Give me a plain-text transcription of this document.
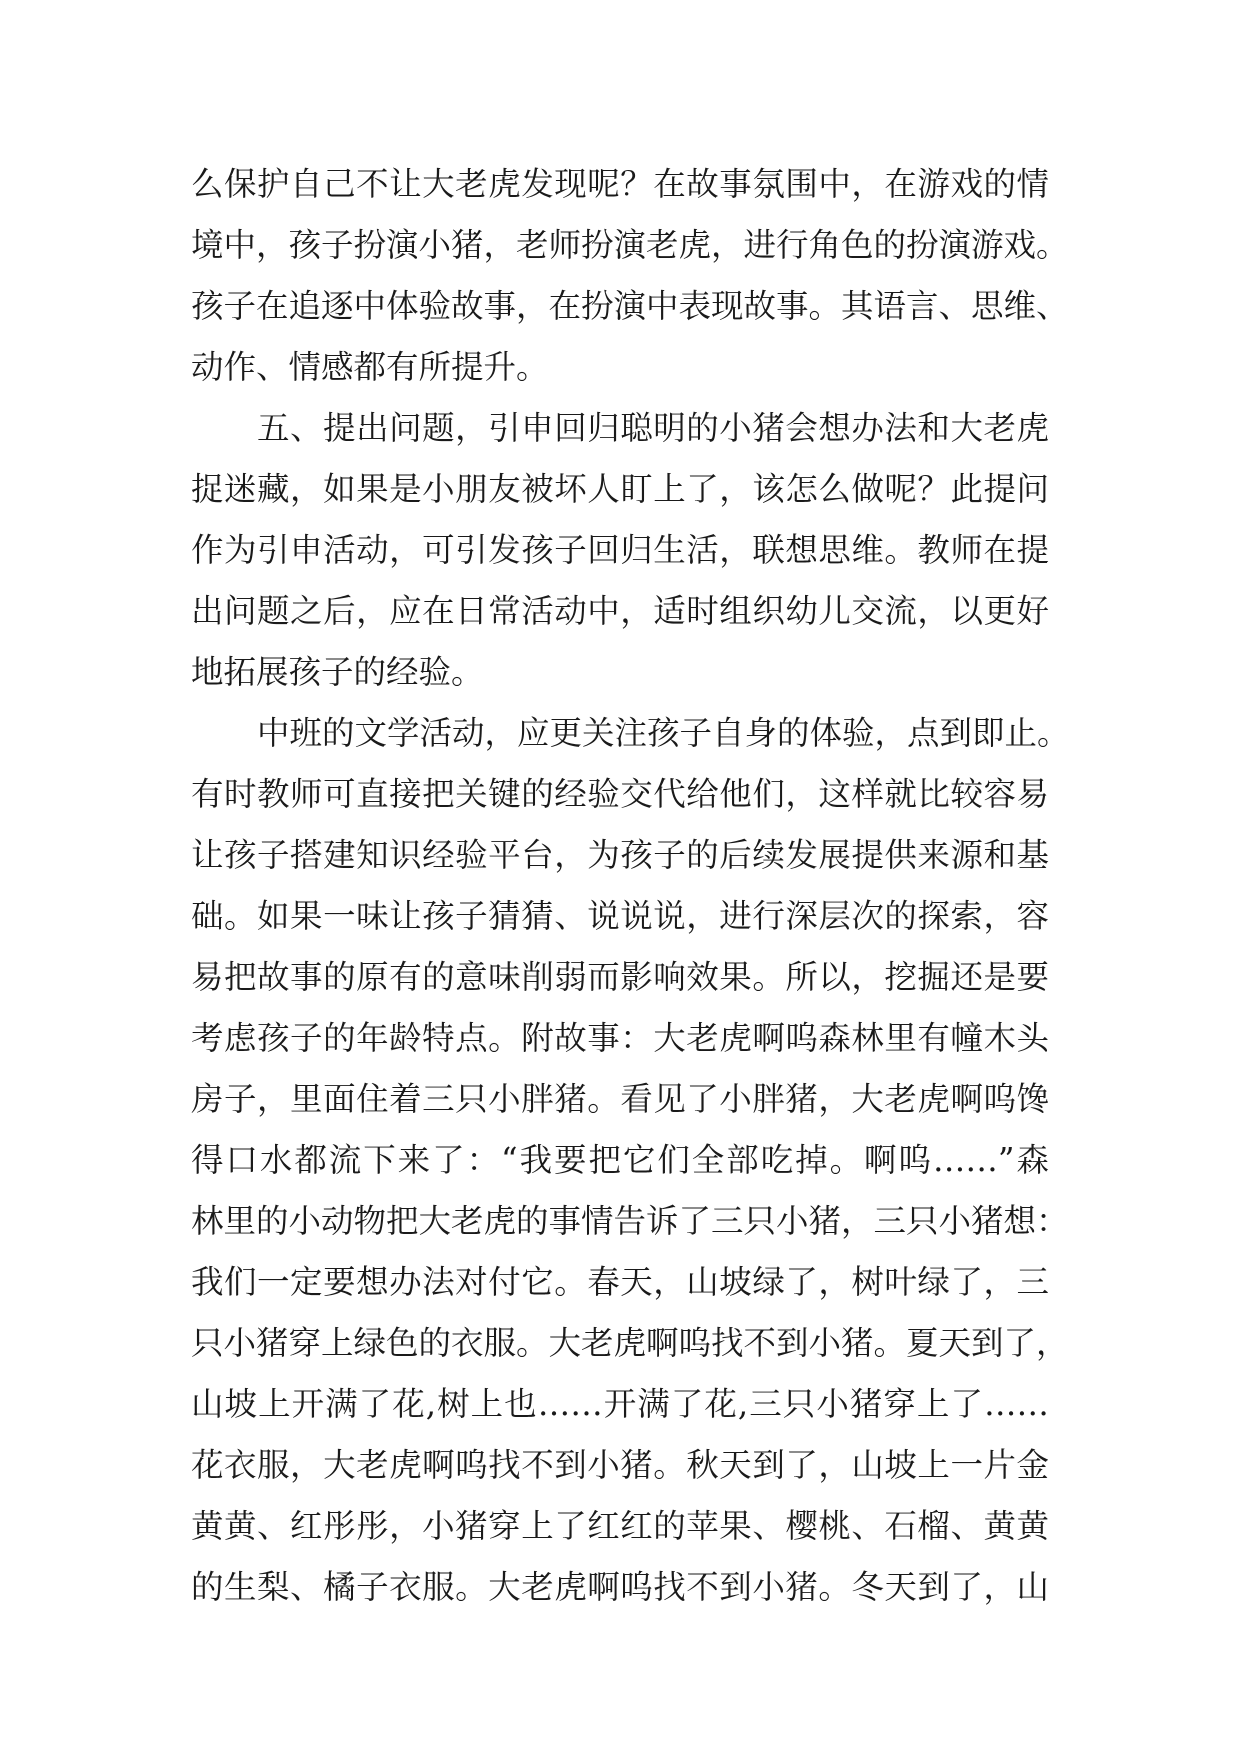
么保护自己不让大老虎发现呢？在故事氛围中，在游戏的情
境中，孩子扮演小猪，老师扮演老虎，进行角色的扮演游戏。
孩子在追逐中体验故事，在扮演中表现故事。其语言、思维、
动作、情感都有所提升。
五、提出问题，引申回归聪明的小猪会想办法和大老虎
捉迷藏，如果是小朋友被坏人盯上了，该怎么做呢？此提问
作为引申活动，可引发孩子回归生活，联想思维。教师在提
出问题之后，应在日常活动中，适时组织幼儿交流，以更好
地拓展孩子的经验。
中班的文学活动，应更关注孩子自身的体验，点到即止。
有时教师可直接把关键的经验交代给他们，这样就比较容易
让孩子搭建知识经验平台，为孩子的后续发展提供来源和基
础。如果一味让孩子猜猜、说说说，进行深层次的探索，容
易把故事的原有的意味削弱而影响效果。所以，挖掘还是要
考虑孩子的年龄特点。附故事：大老虎啊呜森林里有幢木头
房子，里面住着三只小胖猪。看见了小胖猪，大老虎啊呜馋
得口水都流下来了：“我要把它们全部吃掉。啊呜……”森
林里的小动物把大老虎的事情告诉了三只小猪，三只小猪想：
我们一定要想办法对付它。春天，山坡绿了，树叶绿了，三
只小猪穿上绿色的衣服。大老虎啊呜找不到小猪。夏天到了，
山坡上开满了花,树上也……开满了花,三只小猪穿上了……
花衣服，大老虎啊呜找不到小猪。秋天到了，山坡上一片金
黄黄、红彤彤，小猪穿上了红红的苹果、樱桃、石榴、黄黄
的生梨、橘子衣服。大老虎啊呜找不到小猪。冬天到了，山
